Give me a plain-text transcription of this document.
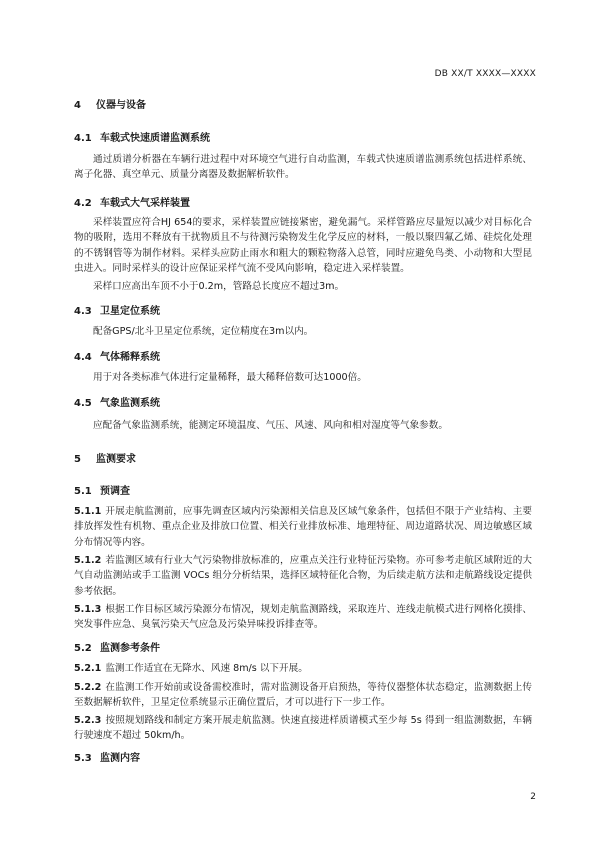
DB XX/T XXXX—XXXX
4 仪器与设备
4.1 车载式快速质谱监测系统
通过质谱分析器在车辆行进过程中对环境空气进行自动监测，车载式快速质谱监测系统包括进样系统、离子化器、真空单元、质量分离器及数据解析软件。
4.2 车载式大气采样装置
采样装置应符合HJ 654的要求，采样装置应链接紧密，避免漏气。采样管路应尽量短以减少对目标化合物的吸附，选用不释放有干扰物质且不与待测污染物发生化学反应的材料，一般以聚四氟乙烯、硅烷化处理的不锈钢管等为制作材料。采样头应防止雨水和粗大的颗粒物落入总管，同时应避免鸟类、小动物和大型昆虫进入。同时采样头的设计应保证采样气流不受风向影响，稳定进入采样装置。
采样口应高出车顶不小于0.2m，管路总长度应不超过3m。
4.3 卫星定位系统
配备GPS/北斗卫星定位系统，定位精度在3m以内。
4.4 气体稀释系统
用于对各类标准气体进行定量稀释，最大稀释倍数可达1000倍。
4.5 气象监测系统
应配备气象监测系统，能测定环境温度、气压、风速、风向和相对湿度等气象参数。
5 监测要求
5.1 预调查
5.1.1 开展走航监测前，应事先调查区域内污染源相关信息及区域气象条件，包括但不限于产业结构、主要排放挥发性有机物、重点企业及排放口位置、相关行业排放标准、地理特征、周边道路状况、周边敏感区域分布情况等内容。
5.1.2 若监测区域有行业大气污染物排放标准的，应重点关注行业特征污染物。亦可参考走航区域附近的大气自动监测站或手工监测 VOCs 组分分析结果，选择区域特征化合物，为后续走航方法和走航路线设定提供参考依据。
5.1.3 根据工作目标区域污染源分布情况，规划走航监测路线，采取连片、连线走航模式进行网格化摸排、突发事件应急、臭氧污染天气应急及污染异味投诉排查等。
5.2 监测参考条件
5.2.1 监测工作适宜在无降水、风速 8m/s 以下开展。
5.2.2 在监测工作开始前或设备需校准时，需对监测设备开启预热，等待仪器整体状态稳定，监测数据上传至数据解析软件，卫星定位系统显示正确位置后，才可以进行下一步工作。
5.2.3 按照规划路线和制定方案开展走航监测。快速直接进样质谱模式至少每 5s 得到一组监测数据，车辆行驶速度不超过 50km/h。
5.3 监测内容
2
